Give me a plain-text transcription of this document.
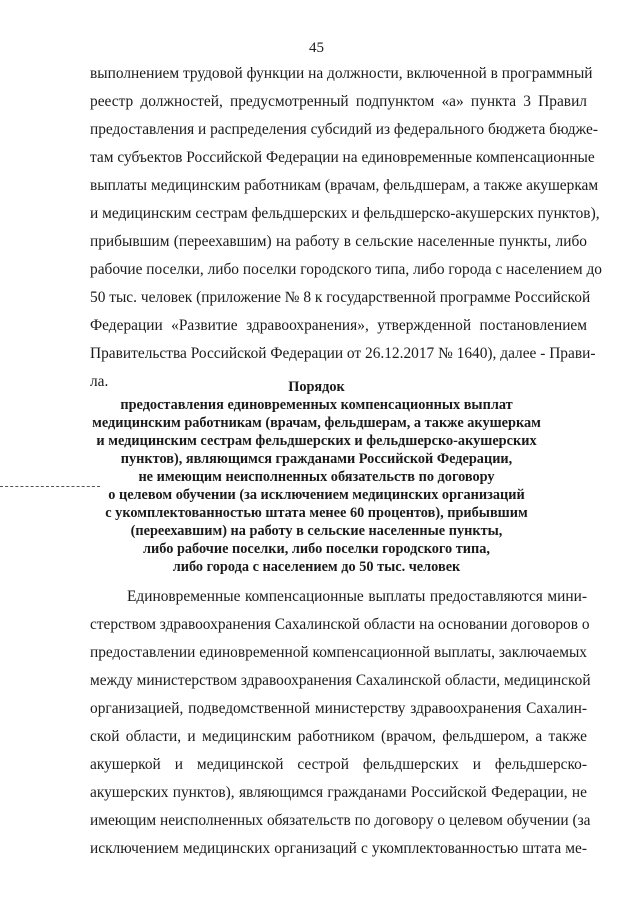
45
выполнением трудовой функции на должности, включенной в программный
реестр должностей, предусмотренный подпунктом «а» пункта 3 Правил
предоставления и распределения субсидий из федерального бюджета бюдже-
там субъектов Российской Федерации на единовременные компенсационные
выплаты медицинским работникам (врачам, фельдшерам, а также акушеркам
и медицинским сестрам фельдшерских и фельдшерско-акушерских пунктов),
прибывшим (переехавшим) на работу в сельские населенные пункты, либо
рабочие поселки, либо поселки городского типа, либо города с населением до
50 тыс. человек (приложение № 8 к государственной программе Российской
Федерации «Развитие здравоохранения», утвержденной постановлением
Правительства Российской Федерации от 26.12.2017 № 1640), далее - Прави-
ла.	Порядок
предоставления единовременных компенсационных выплат
медицинским работникам (врачам, фельдшерам, а также акушеркам
и медицинским сестрам фельдшерских и фельдшерско-акушерских
пунктов), являющимся гражданами Российской Федерации,
не имеющим неисполненных обязательств по договору
о целевом обучении (за исключением медицинских организаций
с укомплектованностью штата менее 60 процентов), прибывшим
(переехавшим) на работу в сельские населенные пункты,
либо рабочие поселки, либо поселки городского типа,
либо города с населением до 50 тыс. человек
Единовременные компенсационные выплаты предоставляются мини-
стерством здравоохранения Сахалинской области на основании договоров о
предоставлении единовременной компенсационной выплаты, заключаемых
между министерством здравоохранения Сахалинской области, медицинской
организацией, подведомственной министерству здравоохранения Сахалин-
ской области, и медицинским работником (врачом, фельдшером, а также
акушеркой и медицинской сестрой фельдшерских и фельдшерско-
акушерских пунктов), являющимся гражданами Российской Федерации, не
имеющим неисполненных обязательств по договору о целевом обучении (за
исключением медицинских организаций с укомплектованностью штата ме-
